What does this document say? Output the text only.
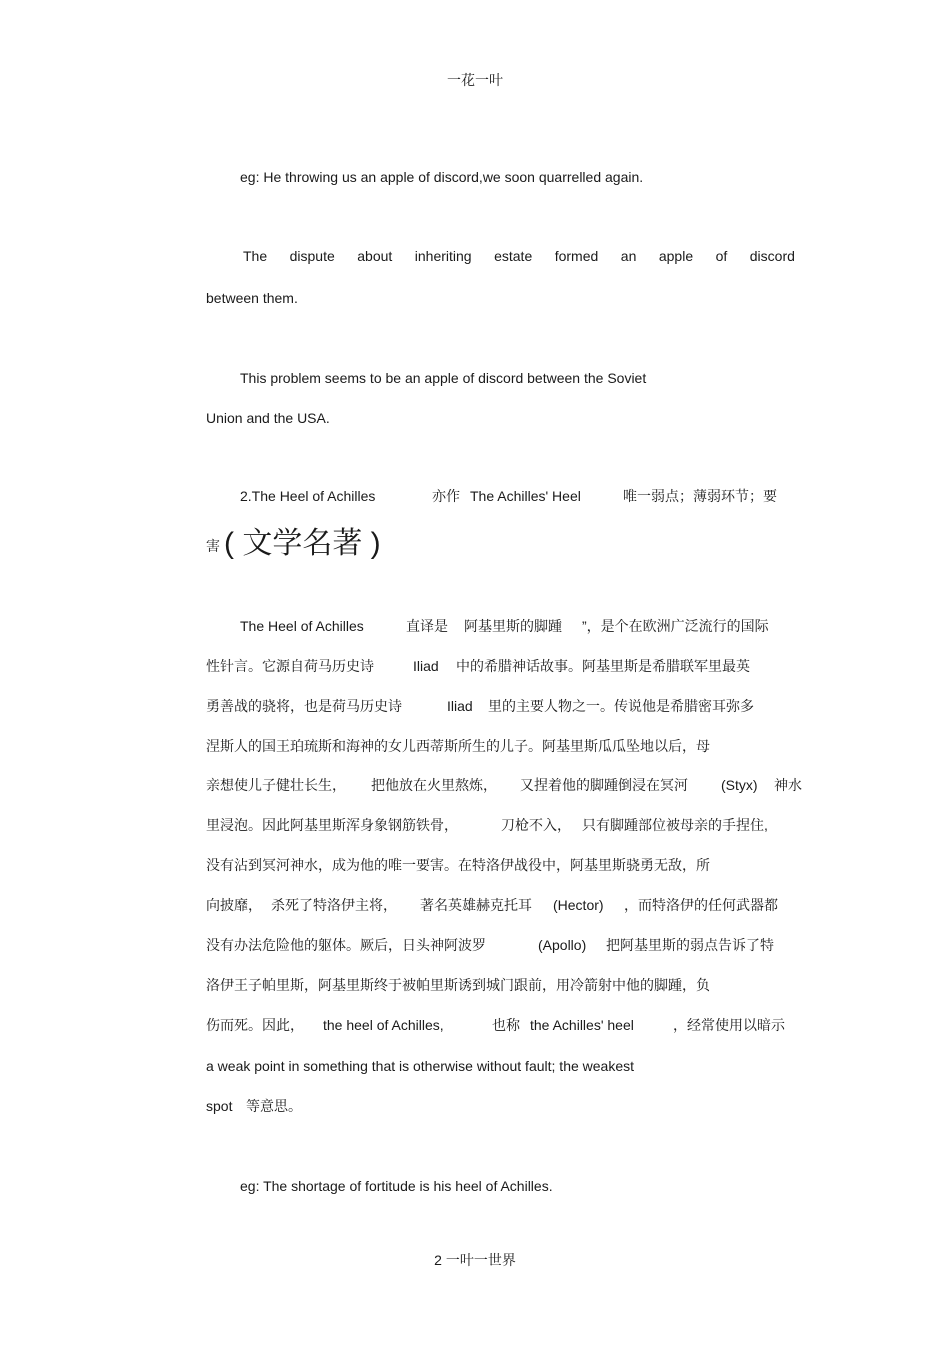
一花一叶
eg: He throwing us an apple of discord,we soon quarrelled again.
The dispute about inheriting estate formed an apple of discord
between them.
This problem seems to be an apple of discord between the Soviet
Union and the USA.
2.The Heel of Achilles	亦作 The Achilles' Heel	唯一弱点；薄弱环节；要
害 ( 文学名著 )
The Heel of Achilles	直译是 阿基里斯的脚踵 ”，是个在欧洲广泛流行的国际
性针言。它源自荷马历史诗	Iliad 中的希腊神话故事。阿基里斯是希腊联军里最英
勇善战的骁将，也是荷马历史诗	Iliad 里的主要人物之一。传说他是希腊密耳弥多
涅斯人的国王珀琉斯和海神的女儿西蒂斯所生的儿子。阿基里斯瓜瓜坠地以后，母
亲想使儿子健壮长生， 把他放在火里熬炼， 又捏着他的脚踵倒浸在冥河 (Styx) 神水
里浸泡。因此阿基里斯浑身象钢筋铁骨，	刀枪不入， 只有脚踵部位被母亲的手捏住,
没有沾到冥河神水，成为他的唯一要害。在特洛伊战役中，阿基里斯骁勇无敌，所
向披靡， 杀死了特洛伊主将， 著名英雄赫克托耳 (Hector) ，而特洛伊的任何武器都
没有办法危险他的躯体。厥后，日头神阿波罗	(Apollo) 把阿基里斯的弱点告诉了特
洛伊王子帕里斯，阿基里斯终于被帕里斯诱到城门跟前，用冷箭射中他的脚踵，负
伤而死。因此， the heel of Achilles,	也称 the Achilles' heel	，经常使用以暗示
a weak point in something that is otherwise without fault; the weakest
spot 等意思。
eg: The shortage of fortitude is his heel of Achilles.
2 一叶一世界
